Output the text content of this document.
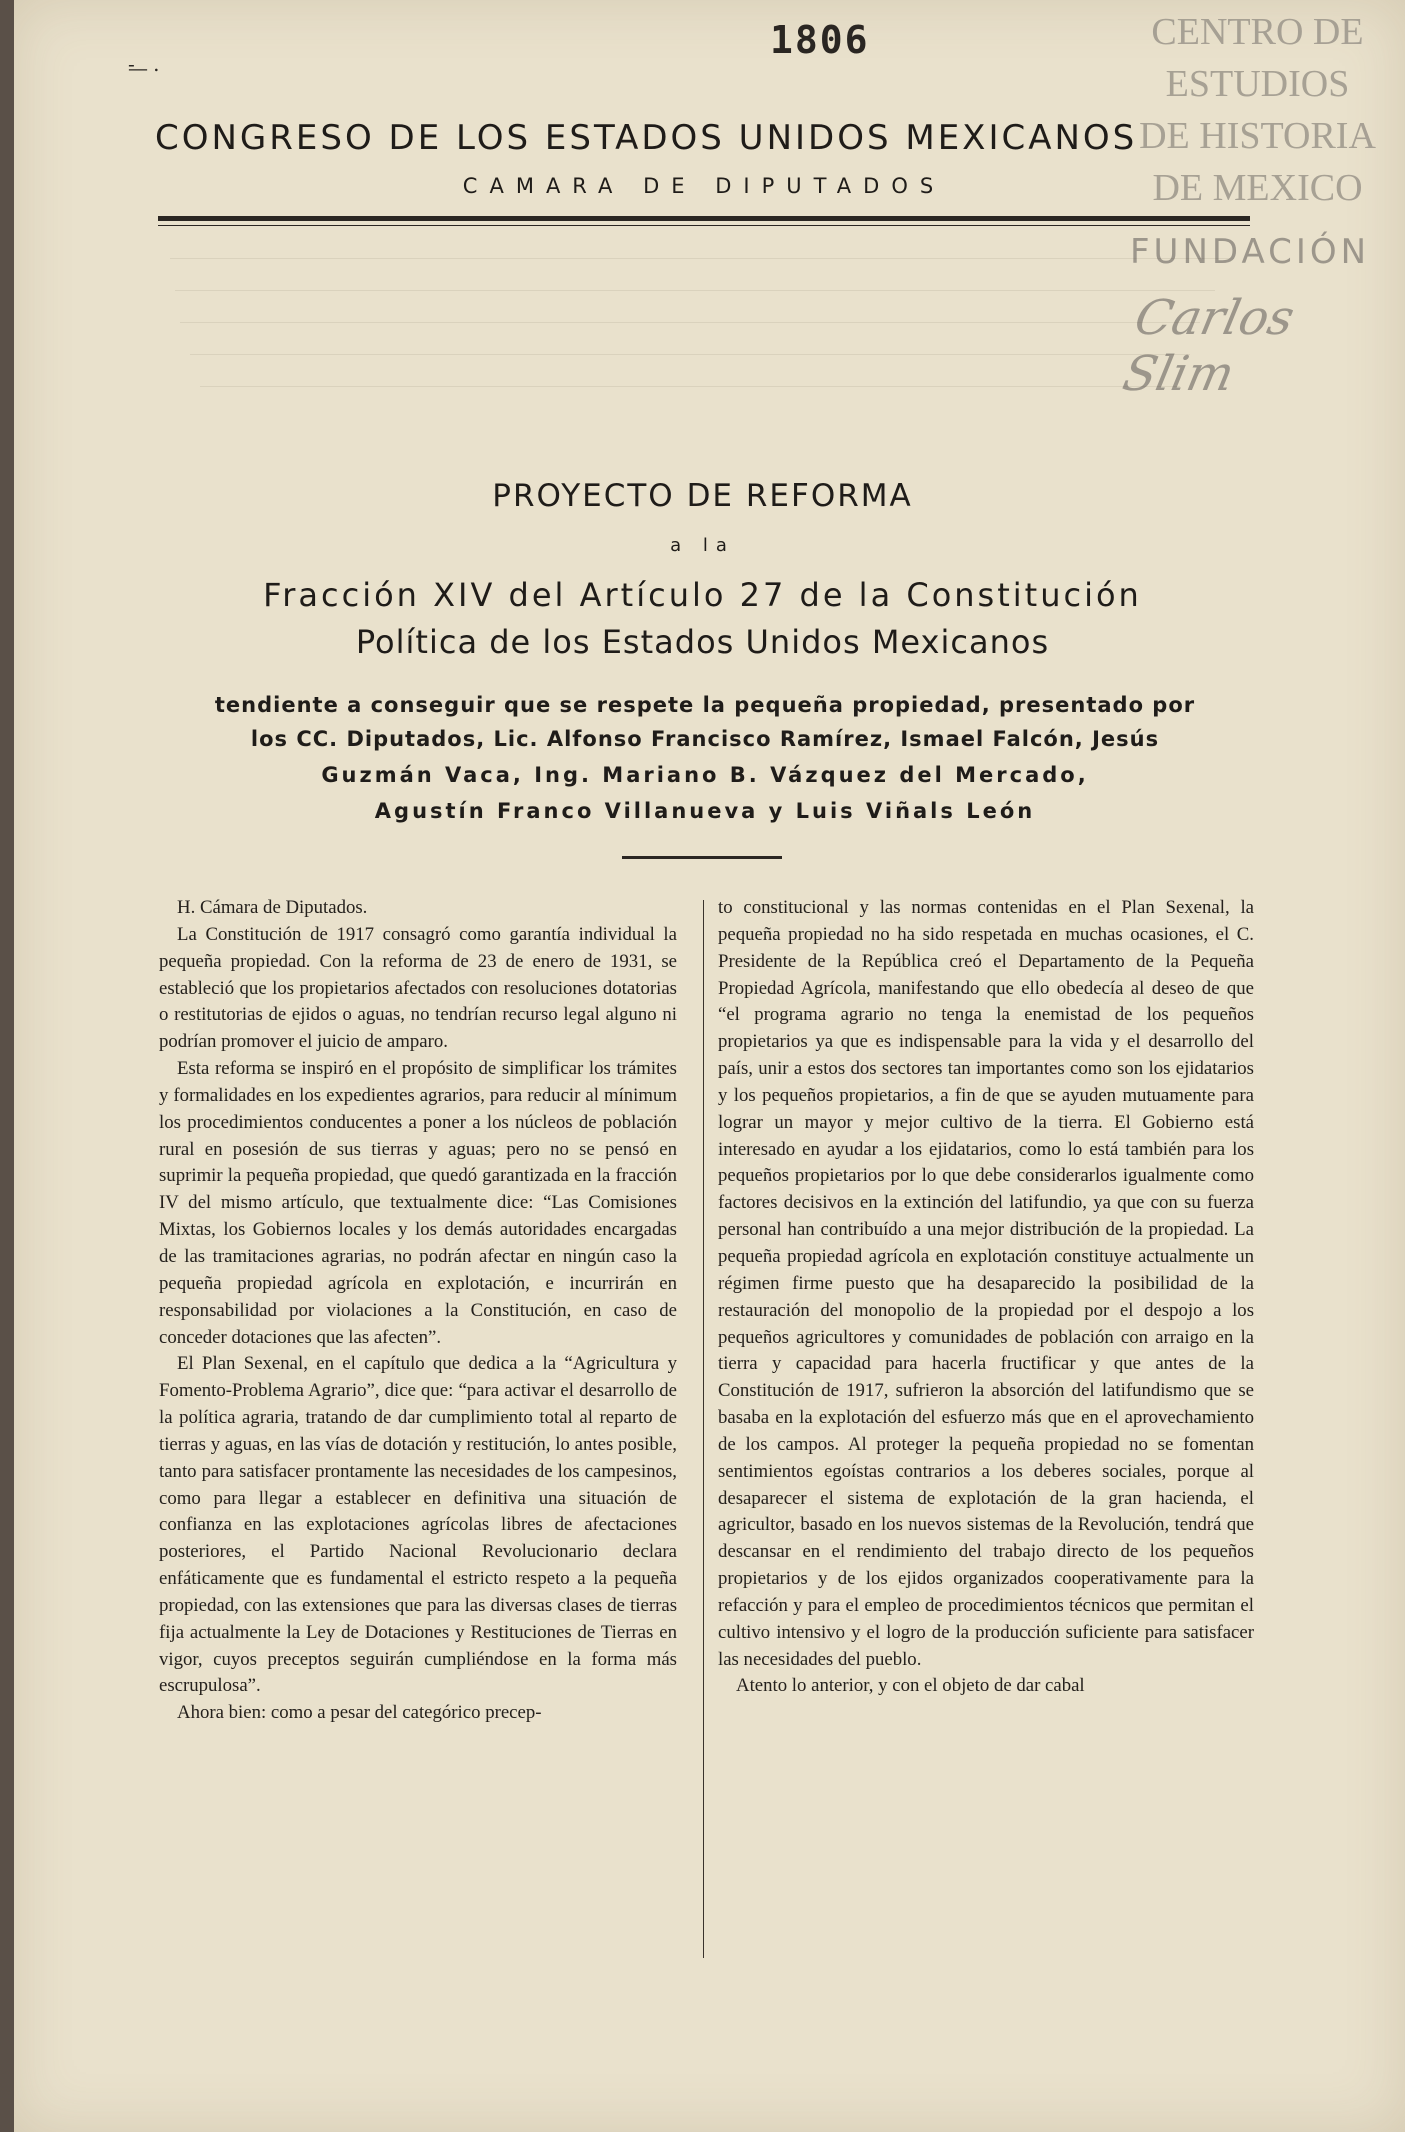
1806
- . —
CONGRESO DE LOS ESTADOS UNIDOS MEXICANOS
CAMARA DE DIPUTADOS
CENTRO DE
ESTUDIOS
DE HISTORIA
DE MEXICO
FUNDACIÓN
Carlos Slim
PROYECTO DE REFORMA
a la
Fracción XIV del Artículo 27 de la Constitución
Política de los Estados Unidos Mexicanos
tendiente a conseguir que se respete la pequeña propiedad, presentado por
los CC. Diputados, Lic. Alfonso Francisco Ramírez, Ismael Falcón, Jesús
Guzmán Vaca, Ing. Mariano B. Vázquez del Mercado,
Agustín Franco Villanueva y Luis Viñals León

H. Cámara de Diputados.

La Constitución de 1917 consagró como garantía individual la pequeña propiedad. Con la reforma de 23 de enero de 1931, se estableció que los propietarios afectados con resoluciones dotatorias o restitutorias de ejidos o aguas, no tendrían recurso legal alguno ni podrían promover el juicio de amparo.

Esta reforma se inspiró en el propósito de simplificar los trámites y formalidades en los expedientes agrarios, para reducir al mínimum los procedimientos conducentes a poner a los núcleos de población rural en posesión de sus tierras y aguas; pero no se pensó en suprimir la pequeña propiedad, que quedó garantizada en la fracción IV del mismo artículo, que textualmente dice: “Las Comisiones Mixtas, los Gobiernos locales y los demás autoridades encargadas de las tramitaciones agrarias, no podrán afectar en ningún caso la pequeña propiedad agrícola en explotación, e incurrirán en responsabilidad por violaciones a la Constitución, en caso de conceder dotaciones que las afecten”.

El Plan Sexenal, en el capítulo que dedica a la “Agricultura y Fomento-Problema Agrario”, dice que: “para activar el desarrollo de la política agraria, tratando de dar cumplimiento total al reparto de tierras y aguas, en las vías de dotación y restitución, lo antes posible, tanto para satisfacer prontamente las necesidades de los campesinos, como para llegar a establecer en definitiva una situación de confianza en las explotaciones agrícolas libres de afectaciones posteriores, el Partido Nacional Revolucionario declara enfáticamente que es fundamental el estricto respeto a la pequeña propiedad, con las extensiones que para las diversas clases de tierras fija actualmente la Ley de Dotaciones y Restituciones de Tierras en vigor, cuyos preceptos seguirán cumpliéndose en la forma más escrupulosa”.

Ahora bien: como a pesar del categórico precep-

to constitucional y las normas contenidas en el Plan Sexenal, la pequeña propiedad no ha sido respetada en muchas ocasiones, el C. Presidente de la República creó el Departamento de la Pequeña Propiedad Agrícola, manifestando que ello obedecía al deseo de que “el programa agrario no tenga la enemistad de los pequeños propietarios ya que es indispensable para la vida y el desarrollo del país, unir a estos dos sectores tan importantes como son los ejidatarios y los pequeños propietarios, a fin de que se ayuden mutuamente para lograr un mayor y mejor cultivo de la tierra. El Gobierno está interesado en ayudar a los ejidatarios, como lo está también para los pequeños propietarios por lo que debe considerarlos igualmente como factores decisivos en la extinción del latifundio, ya que con su fuerza personal han contribuído a una mejor distribución de la propiedad. La pequeña propiedad agrícola en explotación constituye actualmente un régimen firme puesto que ha desaparecido la posibilidad de la restauración del monopolio de la propiedad por el despojo a los pequeños agricultores y comunidades de población con arraigo en la tierra y capacidad para hacerla fructificar y que antes de la Constitución de 1917, sufrieron la absorción del latifundismo que se basaba en la explotación del esfuerzo más que en el aprovechamiento de los campos. Al proteger la pequeña propiedad no se fomentan sentimientos egoístas contrarios a los deberes sociales, porque al desaparecer el sistema de explotación de la gran hacienda, el agricultor, basado en los nuevos sistemas de la Revolución, tendrá que descansar en el rendimiento del trabajo directo de los pequeños propietarios y de los ejidos organizados cooperativamente para la refacción y para el empleo de procedimientos técnicos que permitan el cultivo intensivo y el logro de la producción suficiente para satisfacer las necesidades del pueblo.

Atento lo anterior, y con el objeto de dar cabal
